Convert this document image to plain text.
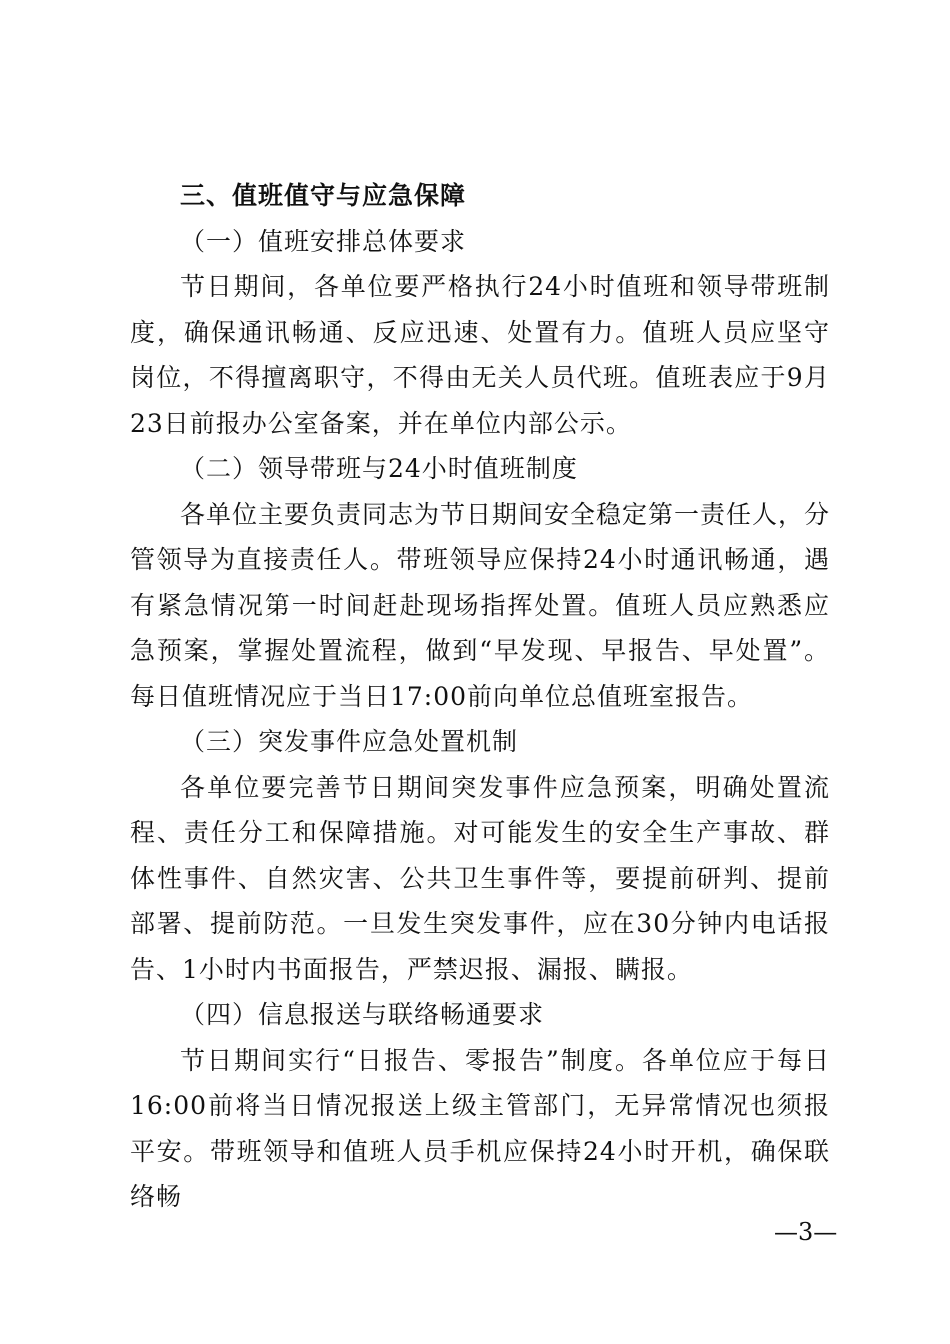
三、值班值守与应急保障

（一）值班安排总体要求

节日期间，各单位要严格执行24小时值班和领导带班制度，确保通讯畅通、反应迅速、处置有力。值班人员应坚守岗位，不得擅离职守，不得由无关人员代班。值班表应于9月23日前报办公室备案，并在单位内部公示。

（二）领导带班与24小时值班制度

各单位主要负责同志为节日期间安全稳定第一责任人，分管领导为直接责任人。带班领导应保持24小时通讯畅通，遇有紧急情况第一时间赶赴现场指挥处置。值班人员应熟悉应急预案，掌握处置流程，做到“早发现、早报告、早处置”。每日值班情况应于当日17:00前向单位总值班室报告。

（三）突发事件应急处置机制

各单位要完善节日期间突发事件应急预案，明确处置流程、责任分工和保障措施。对可能发生的安全生产事故、群体性事件、自然灾害、公共卫生事件等，要提前研判、提前部署、提前防范。一旦发生突发事件，应在30分钟内电话报告、1小时内书面报告，严禁迟报、漏报、瞒报。

（四）信息报送与联络畅通要求

节日期间实行“日报告、零报告”制度。各单位应于每日16:00前将当日情况报送上级主管部门，无异常情况也须报平安。带班领导和值班人员手机应保持24小时开机，确保联络畅

—3—
